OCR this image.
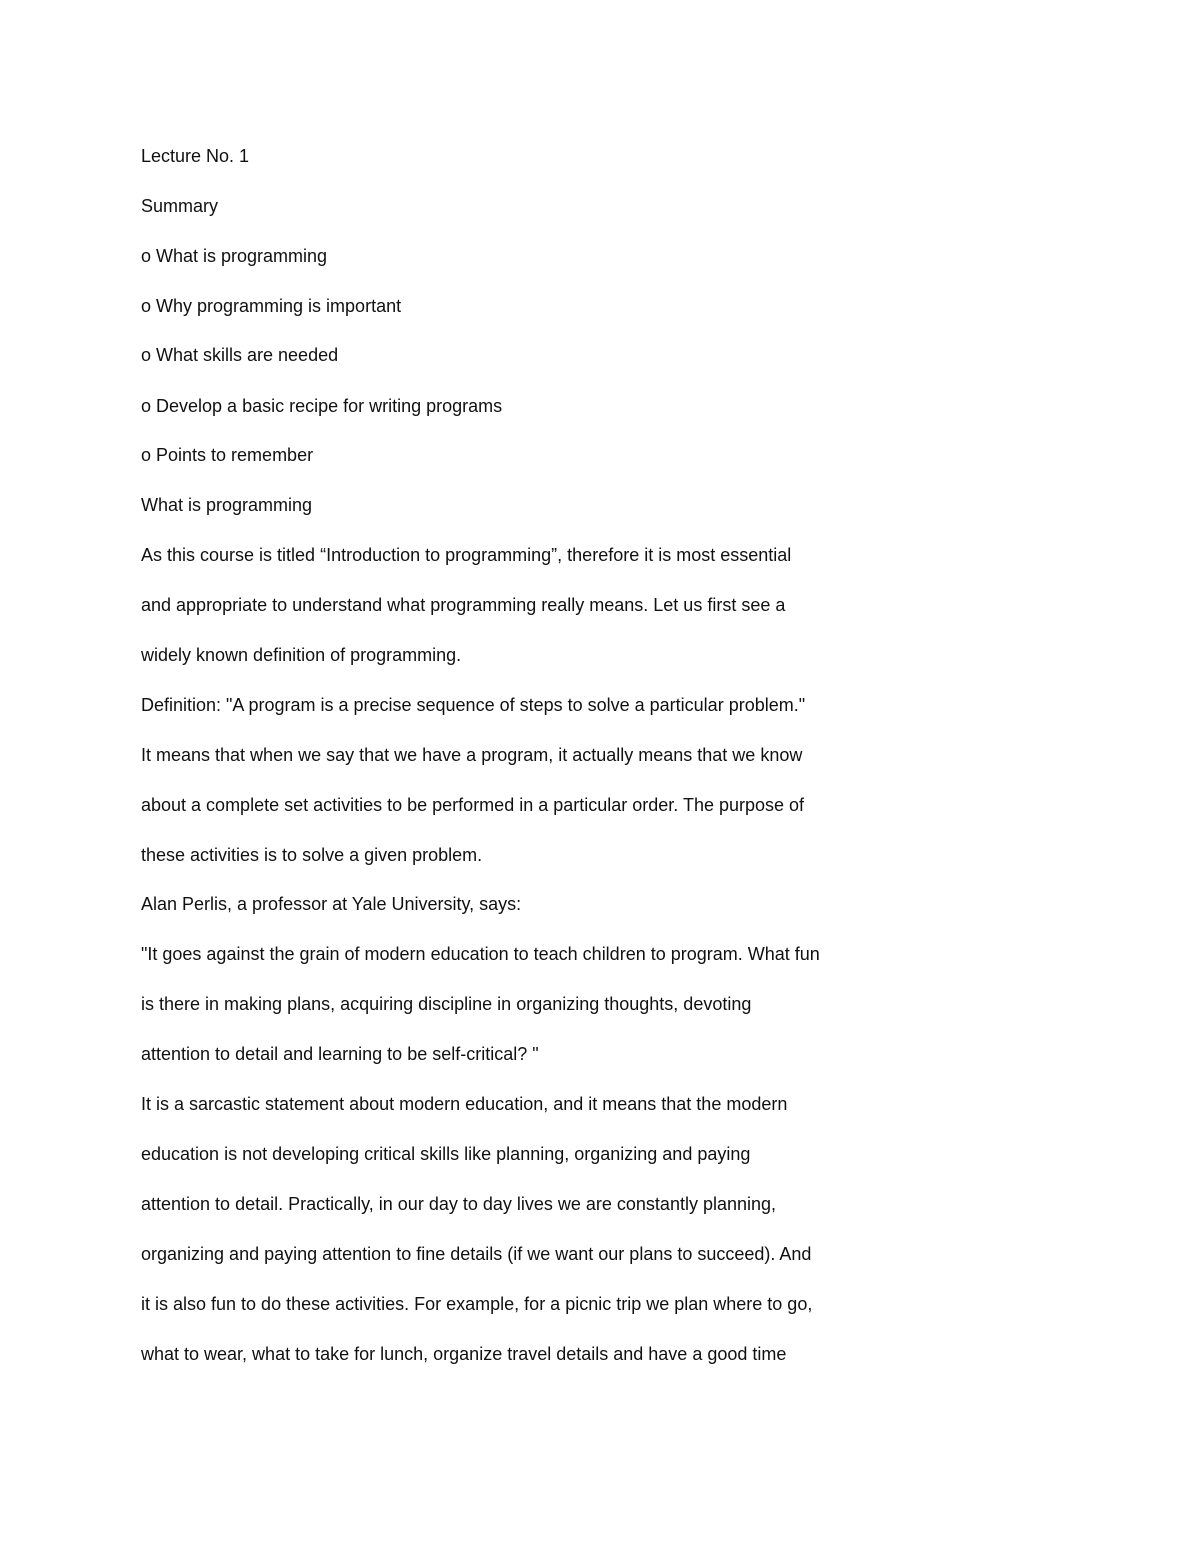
Lecture No. 1
Summary
o What is programming
o Why programming is important
o What skills are needed
o Develop a basic recipe for writing programs
o Points to remember
What is programming
As this course is titled “Introduction to programming”, therefore it is most essential
and appropriate to understand what programming really means. Let us first see a
widely known definition of programming.
Definition: "A program is a precise sequence of steps to solve a particular problem."
It means that when we say that we have a program, it actually means that we know
about a complete set activities to be performed in a particular order. The purpose of
these activities is to solve a given problem.
Alan Perlis, a professor at Yale University, says:
"It goes against the grain of modern education to teach children to program. What fun
is there in making plans, acquiring discipline in organizing thoughts, devoting
attention to detail and learning to be self-critical? "
It is a sarcastic statement about modern education, and it means that the modern
education is not developing critical skills like planning, organizing and paying
attention to detail. Practically, in our day to day lives we are constantly planning,
organizing and paying attention to fine details (if we want our plans to succeed). And
it is also fun to do these activities. For example, for a picnic trip we plan where to go,
what to wear, what to take for lunch, organize travel details and have a good time
